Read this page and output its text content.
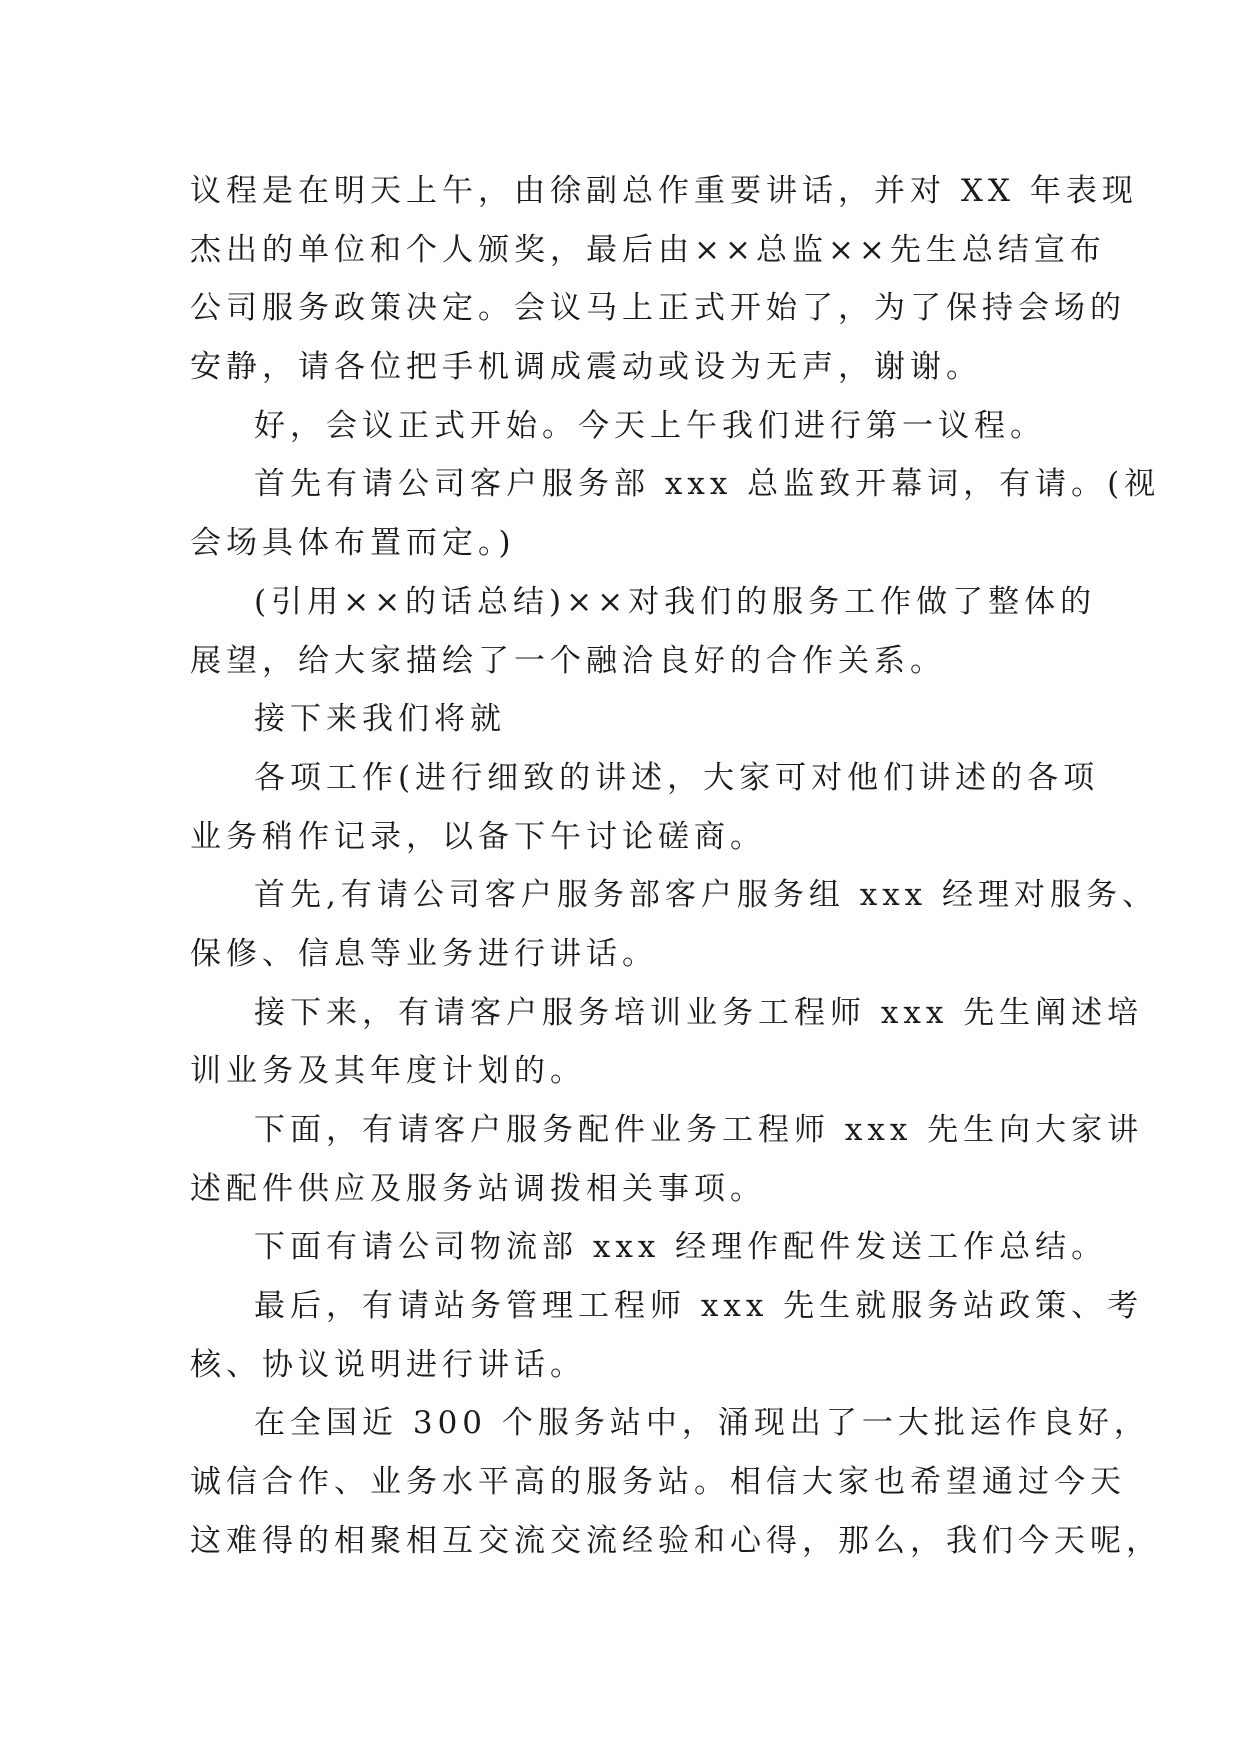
议程是在明天上午，由徐副总作重要讲话，并对 XX 年表现
杰出的单位和个人颁奖，最后由××总监××先生总结宣布
公司服务政策决定。会议马上正式开始了，为了保持会场的
安静，请各位把手机调成震动或设为无声，谢谢。
好，会议正式开始。今天上午我们进行第一议程。
首先有请公司客户服务部 xxx 总监致开幕词，有请。(视
会场具体布置而定。)
(引用××的话总结)××对我们的服务工作做了整体的
展望，给大家描绘了一个融洽良好的合作关系。
接下来我们将就
各项工作(进行细致的讲述，大家可对他们讲述的各项
业务稍作记录，以备下午讨论磋商。
首先,有请公司客户服务部客户服务组 xxx 经理对服务、
保修、信息等业务进行讲话。
接下来，有请客户服务培训业务工程师 xxx 先生阐述培
训业务及其年度计划的。
下面，有请客户服务配件业务工程师 xxx 先生向大家讲
述配件供应及服务站调拨相关事项。
下面有请公司物流部 xxx 经理作配件发送工作总结。
最后，有请站务管理工程师 xxx 先生就服务站政策、考
核、协议说明进行讲话。
在全国近 300 个服务站中，涌现出了一大批运作良好，
诚信合作、业务水平高的服务站。相信大家也希望通过今天
这难得的相聚相互交流交流经验和心得，那么，我们今天呢，
